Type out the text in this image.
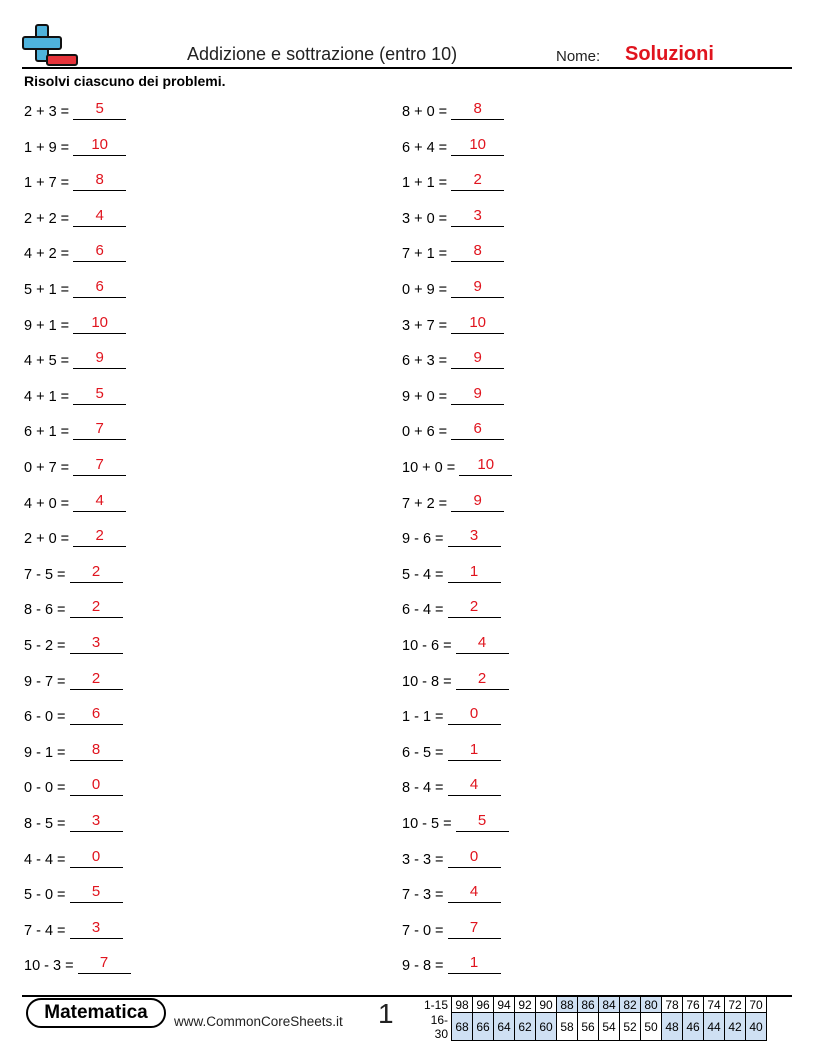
Addizione e sottrazione (entro 10)	Nome: Soluzioni
Risolvi ciascuno dei problemi.
2 + 3 = 5
1 + 9 = 10
1 + 7 = 8
2 + 2 = 4
4 + 2 = 6
5 + 1 = 6
9 + 1 = 10
4 + 5 = 9
4 + 1 = 5
6 + 1 = 7
0 + 7 = 7
4 + 0 = 4
2 + 0 = 2
7 - 5 = 2
8 - 6 = 2
5 - 2 = 3
9 - 7 = 2
6 - 0 = 6
9 - 1 = 8
0 - 0 = 0
8 - 5 = 3
4 - 4 = 0
5 - 0 = 5
7 - 4 = 3
10 - 3 = 7
8 + 0 = 8
6 + 4 = 10
1 + 1 = 2
3 + 0 = 3
7 + 1 = 8
0 + 9 = 9
3 + 7 = 10
6 + 3 = 9
9 + 0 = 9
0 + 6 = 6
10 + 0 = 10
7 + 2 = 9
9 - 6 = 3
5 - 4 = 1
6 - 4 = 2
10 - 6 = 4
10 - 8 = 2
1 - 1 = 0
6 - 5 = 1
8 - 4 = 4
10 - 5 = 5
3 - 3 = 0
7 - 3 = 4
7 - 0 = 7
9 - 8 = 1
Matematica	www.CommonCoreSheets.it 1	1-15	98	96	94	92	90	88	86	84	82	80	78	76	74	72	70
16-30	68	66	64	62	60	58	56	54	52	50	48	46	44	42	40
